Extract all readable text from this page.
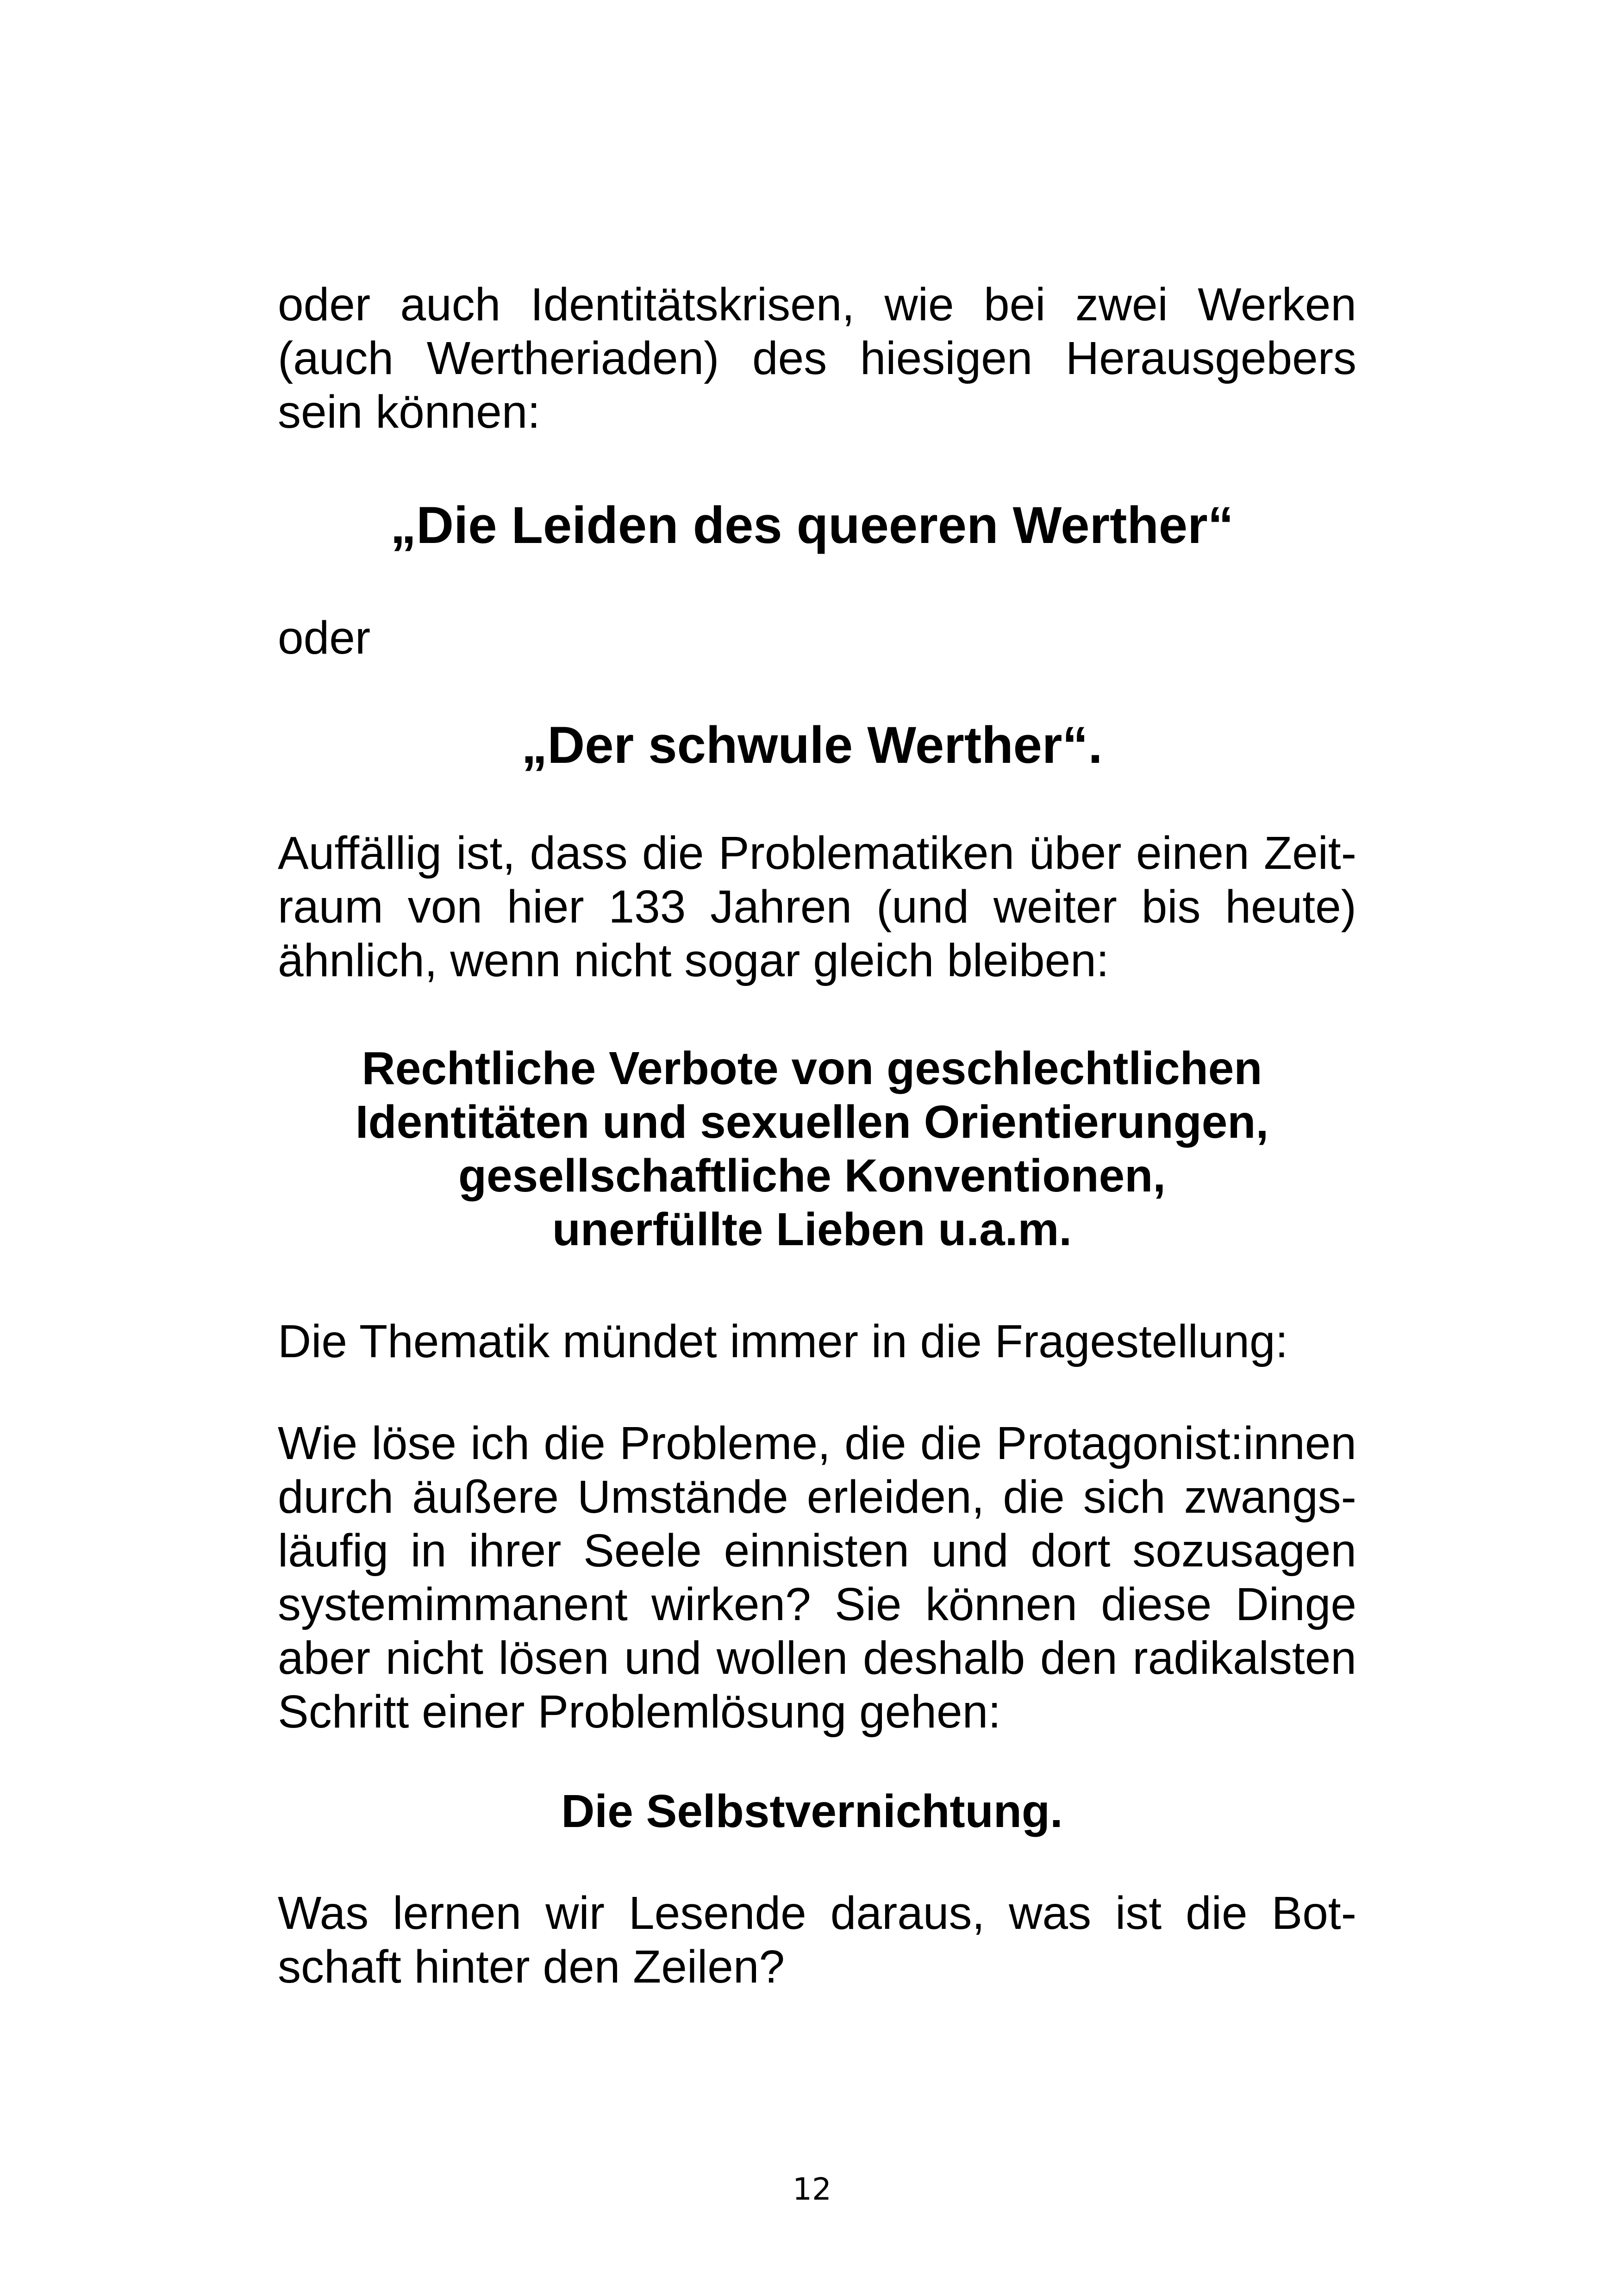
oder auch Identitätskrisen, wie bei zwei Werken
(auch Wertheriaden) des hiesigen Herausgebers
sein können:
„Die Leiden des queeren Werther“
oder
„Der schwule Werther“.
Auffällig ist, dass die Problematiken über einen Zeit-
raum von hier 133 Jahren (und weiter bis heute)
ähnlich, wenn nicht sogar gleich bleiben:
Rechtliche Verbote von geschlechtlichen
Identitäten und sexuellen Orientierungen,
gesellschaftliche Konventionen,
unerfüllte Lieben u.a.m.
Die Thematik mündet immer in die Fragestellung:
Wie löse ich die Probleme, die die Protagonist:innen
durch äußere Umstände erleiden, die sich zwangs-
läufig in ihrer Seele einnisten und dort sozusagen
systemimmanent wirken? Sie können diese Dinge
aber nicht lösen und wollen deshalb den radikalsten
Schritt einer Problemlösung gehen:
Die Selbstvernichtung.
Was lernen wir Lesende daraus, was ist die Bot-
schaft hinter den Zeilen?
12
